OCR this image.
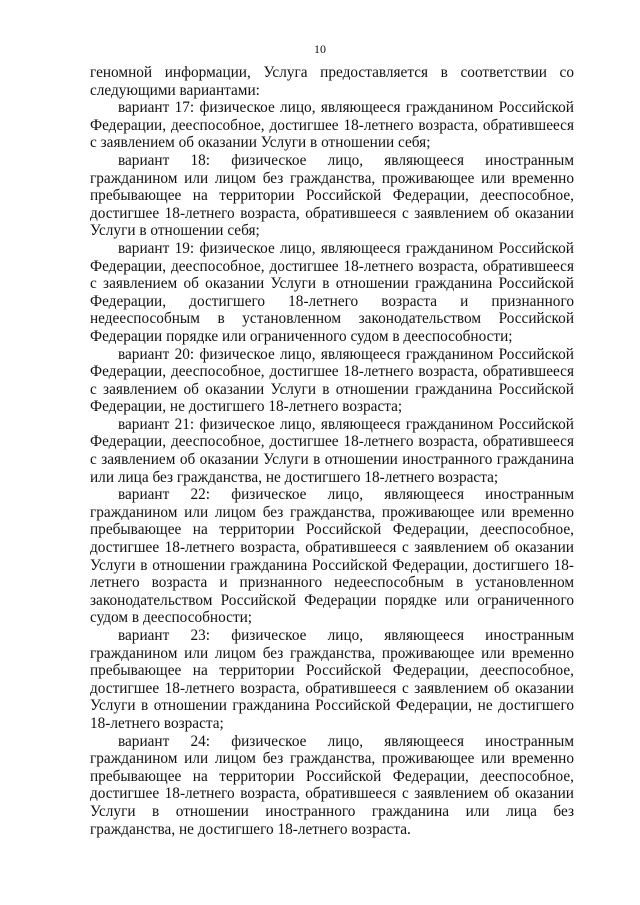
10

геномной информации, Услуга предоставляется в соответствии со следующими вариантами:

вариант 17: физическое лицо, являющееся гражданином Российской Федерации, дееспособное, достигшее 18-летнего возраста, обратившееся с заявлением об оказании Услуги в отношении себя;

вариант 18: физическое лицо, являющееся иностранным гражданином или лицом без гражданства, проживающее или временно пребывающее на территории Российской Федерации, дееспособное, достигшее 18-летнего возраста, обратившееся с заявлением об оказании Услуги в отношении себя;

вариант 19: физическое лицо, являющееся гражданином Российской Федерации, дееспособное, достигшее 18-летнего возраста, обратившееся с заявлением об оказании Услуги в отношении гражданина Российской Федерации, достигшего 18-летнего возраста и признанного недееспособным в установленном законодательством Российской Федерации порядке или ограниченного судом в дееспособности;

вариант 20: физическое лицо, являющееся гражданином Российской Федерации, дееспособное, достигшее 18-летнего возраста, обратившееся с заявлением об оказании Услуги в отношении гражданина Российской Федерации, не достигшего 18-летнего возраста;

вариант 21: физическое лицо, являющееся гражданином Российской Федерации, дееспособное, достигшее 18-летнего возраста, обратившееся с заявлением об оказании Услуги в отношении иностранного гражданина или лица без гражданства, не достигшего 18-летнего возраста;

вариант 22: физическое лицо, являющееся иностранным гражданином или лицом без гражданства, проживающее или временно пребывающее на территории Российской Федерации, дееспособное, достигшее 18-летнего возраста, обратившееся с заявлением об оказании Услуги в отношении гражданина Российской Федерации, достигшего 18-летнего возраста и признанного недееспособным в установленном законодательством Российской Федерации порядке или ограниченного судом в дееспособности;

вариант 23: физическое лицо, являющееся иностранным гражданином или лицом без гражданства, проживающее или временно пребывающее на территории Российской Федерации, дееспособное, достигшее 18-летнего возраста, обратившееся с заявлением об оказании Услуги в отношении гражданина Российской Федерации, не достигшего 18-летнего возраста;

вариант 24: физическое лицо, являющееся иностранным гражданином или лицом без гражданства, проживающее или временно пребывающее на территории Российской Федерации, дееспособное, достигшее 18-летнего возраста, обратившееся с заявлением об оказании Услуги в отношении иностранного гражданина или лица без гражданства, не достигшего 18-летнего возраста.
